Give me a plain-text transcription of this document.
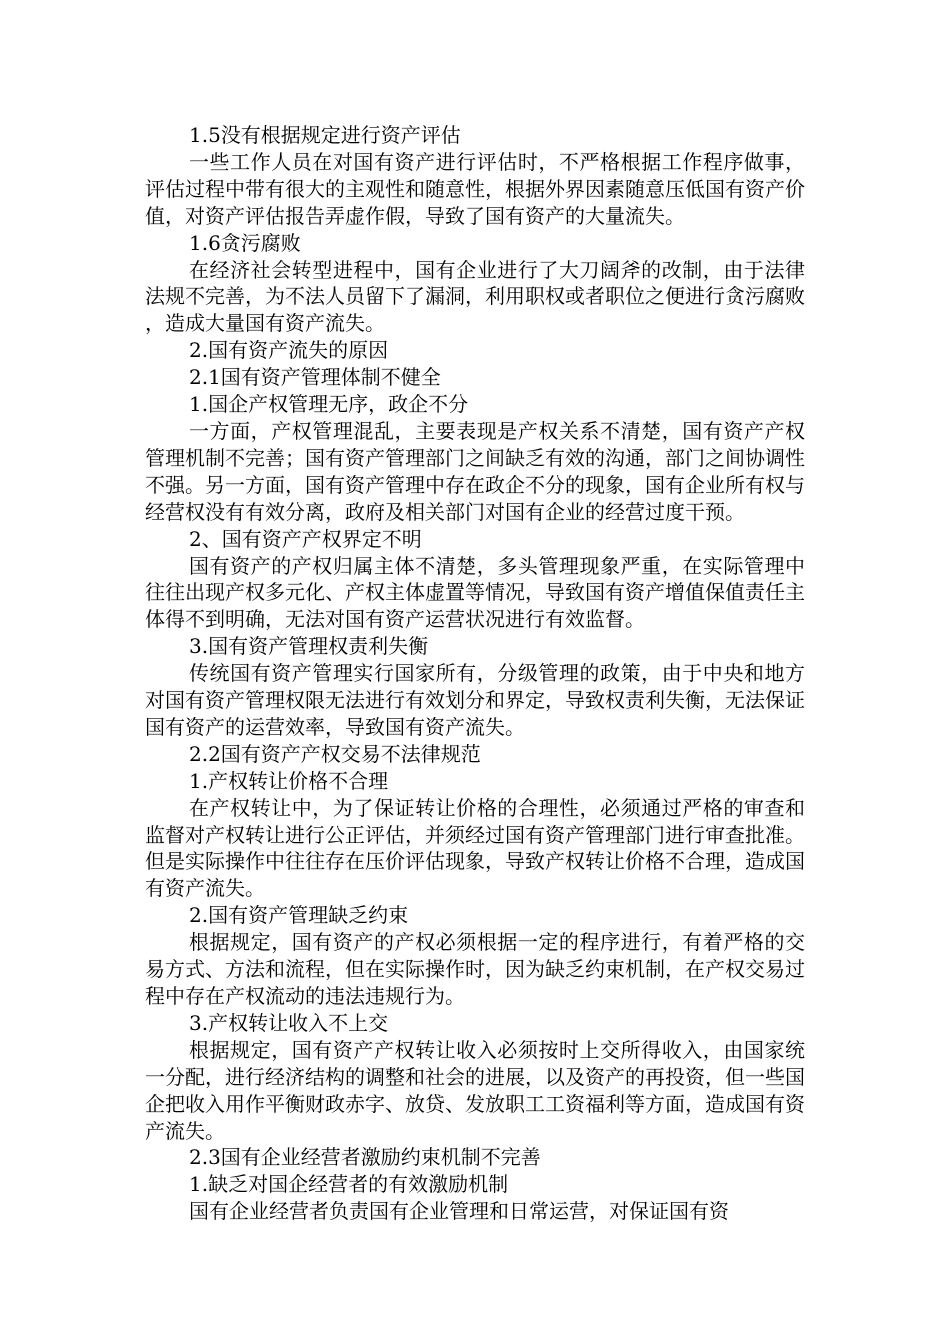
1.5没有根据规定进行资产评估

一些工作人员在对国有资产进行评估时，不严格根据工作程序做事，评估过程中带有很大的主观性和随意性，根据外界因素随意压低国有资产价值，对资产评估报告弄虚作假，导致了国有资产的大量流失。

1.6贪污腐败

在经济社会转型进程中，国有企业进行了大刀阔斧的改制，由于法律法规不完善，为不法人员留下了漏洞，利用职权或者职位之便进行贪污腐败，造成大量国有资产流失。

2.国有资产流失的原因

2.1国有资产管理体制不健全

1.国企产权管理无序，政企不分

一方面，产权管理混乱，主要表现是产权关系不清楚，国有资产产权管理机制不完善；国有资产管理部门之间缺乏有效的沟通，部门之间协调性不强。另一方面，国有资产管理中存在政企不分的现象，国有企业所有权与经营权没有有效分离，政府及相关部门对国有企业的经营过度干预。

2、国有资产产权界定不明

国有资产的产权归属主体不清楚，多头管理现象严重，在实际管理中往往出现产权多元化、产权主体虚置等情况，导致国有资产增值保值责任主体得不到明确，无法对国有资产运营状况进行有效监督。

3.国有资产管理权责利失衡

传统国有资产管理实行国家所有，分级管理的政策，由于中央和地方对国有资产管理权限无法进行有效划分和界定，导致权责利失衡，无法保证国有资产的运营效率，导致国有资产流失。

2.2国有资产产权交易不法律规范

1.产权转让价格不合理

在产权转让中，为了保证转让价格的合理性，必须通过严格的审查和监督对产权转让进行公正评估，并须经过国有资产管理部门进行审查批准。但是实际操作中往往存在压价评估现象，导致产权转让价格不合理，造成国有资产流失。

2.国有资产管理缺乏约束

根据规定，国有资产的产权必须根据一定的程序进行，有着严格的交易方式、方法和流程，但在实际操作时，因为缺乏约束机制，在产权交易过程中存在产权流动的违法违规行为。

3.产权转让收入不上交

根据规定，国有资产产权转让收入必须按时上交所得收入，由国家统一分配，进行经济结构的调整和社会的进展，以及资产的再投资，但一些国企把收入用作平衡财政赤字、放贷、发放职工工资福利等方面，造成国有资产流失。

2.3国有企业经营者激励约束机制不完善

1.缺乏对国企经营者的有效激励机制

国有企业经营者负责国有企业管理和日常运营，对保证国有资
